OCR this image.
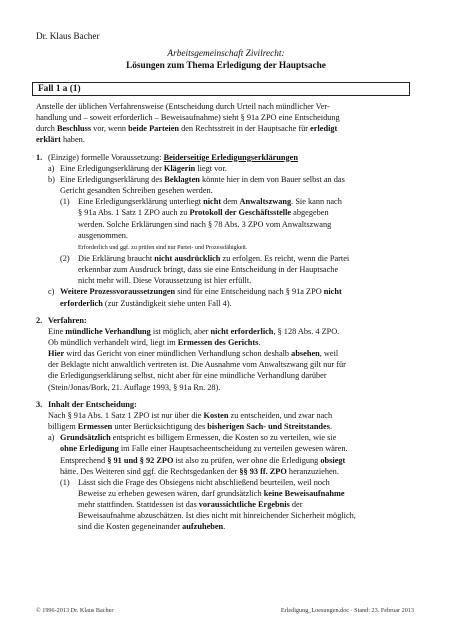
Dr. Klaus Bacher
Arbeitsgemeinschaft Zivilrecht:
Lösungen zum Thema Erledigung der Hauptsache
Fall 1 a (1)

Anstelle der üblichen Verfahrensweise (Entscheidung durch Urteil nach mündlicher Ver-
handlung und – soweit erforderlich – Beweisaufnahme) sieht § 91a ZPO eine Entscheidung
durch Beschluss vor, wenn beide Parteien den Rechtsstreit in der Hauptsache für erledigt
erklärt haben.

1. (Einzige) formelle Voraussetzung: Beiderseitige Erledigungserklärungen
a) Eine Erledigungserklärung der Klägerin liegt vor.
b) Eine Erledigungserklärung des Beklagten könnte hier in dem von Bauer selbst an das
Gericht gesandten Schreiben gesehen werden.
(1)	Eine Erledigungserklärung unterliegt nicht dem Anwaltszwang. Sie kann nach
§ 91a Abs. 1 Satz 1 ZPO auch zu Protokoll der Geschäftsstelle abgegeben
werden. Solche Erklärungen sind nach § 78 Abs. 3 ZPO vom Anwaltszwang
ausgenommen.
Erforderlich und ggf. zu prüfen sind nur Partei- und Prozessfähigkeit.
(2)	Die Erklärung braucht nicht ausdrücklich zu erfolgen. Es reicht, wenn die Partei
erkennbar zum Ausdruck bringt, dass sie eine Entscheidung in der Hauptsache
nicht mehr will. Diese Voraussetzung ist hier erfüllt.
c) Weitere Prozessvoraussetzungen sind für eine Entscheidung nach § 91a ZPO nicht
erforderlich (zur Zuständigkeit siehe unten Fall 4).
2. Verfahren:
Eine mündliche Verhandlung ist möglich, aber nicht erforderlich, § 128 Abs. 4 ZPO.
Ob mündlich verhandelt wird, liegt im Ermessen des Gerichts.
Hier wird das Gericht von einer mündlichen Verhandlung schon deshalb absehen, weil
der Beklagte nicht anwaltlich vertreten ist. Die Ausnahme vom Anwaltszwang gilt nur für
die Erledigungserklärung selbst, nicht aber für eine mündliche Verhandlung darüber
(Stein/Jonas/Bork, 21. Auflage 1993, § 91a Rn. 28).
3. Inhalt der Entscheidung:
Nach § 91a Abs. 1 Satz 1 ZPO ist nur über die Kosten zu entscheiden, und zwar nach
billigem Ermessen unter Berücksichtigung des bisherigen Sach- und Streitstandes.
a) Grundsätzlich entspricht es billigem Ermessen, die Kosten so zu verteilen, wie sie
ohne Erledigung im Falle einer Hauptsacheentscheidung zu verteilen gewesen wären.
Entsprechend § 91 und § 92 ZPO ist also zu prüfen, wer ohne die Erledigung obsiegt
hätte. Des Weiteren sind ggf. die Rechtsgedanken der §§ 93 ff. ZPO heranzuziehen.
(1)	Lässt sich die Frage des Obsiegens nicht abschließend beurteilen, weil noch
Beweise zu erheben gewesen wären, darf grundsätzlich keine Beweisaufnahme
mehr stattfinden. Stattdessen ist das voraussichtliche Ergebnis der
Beweisaufnahme abzuschätzen. Ist dies nicht mit hinreichender Sicherheit möglich,
sind die Kosten gegeneinander aufzuheben.
© 1996-2013 Dr. Klaus Bacher	Erledigung_Loesungen.doc · Stand: 23. Februar 2013
